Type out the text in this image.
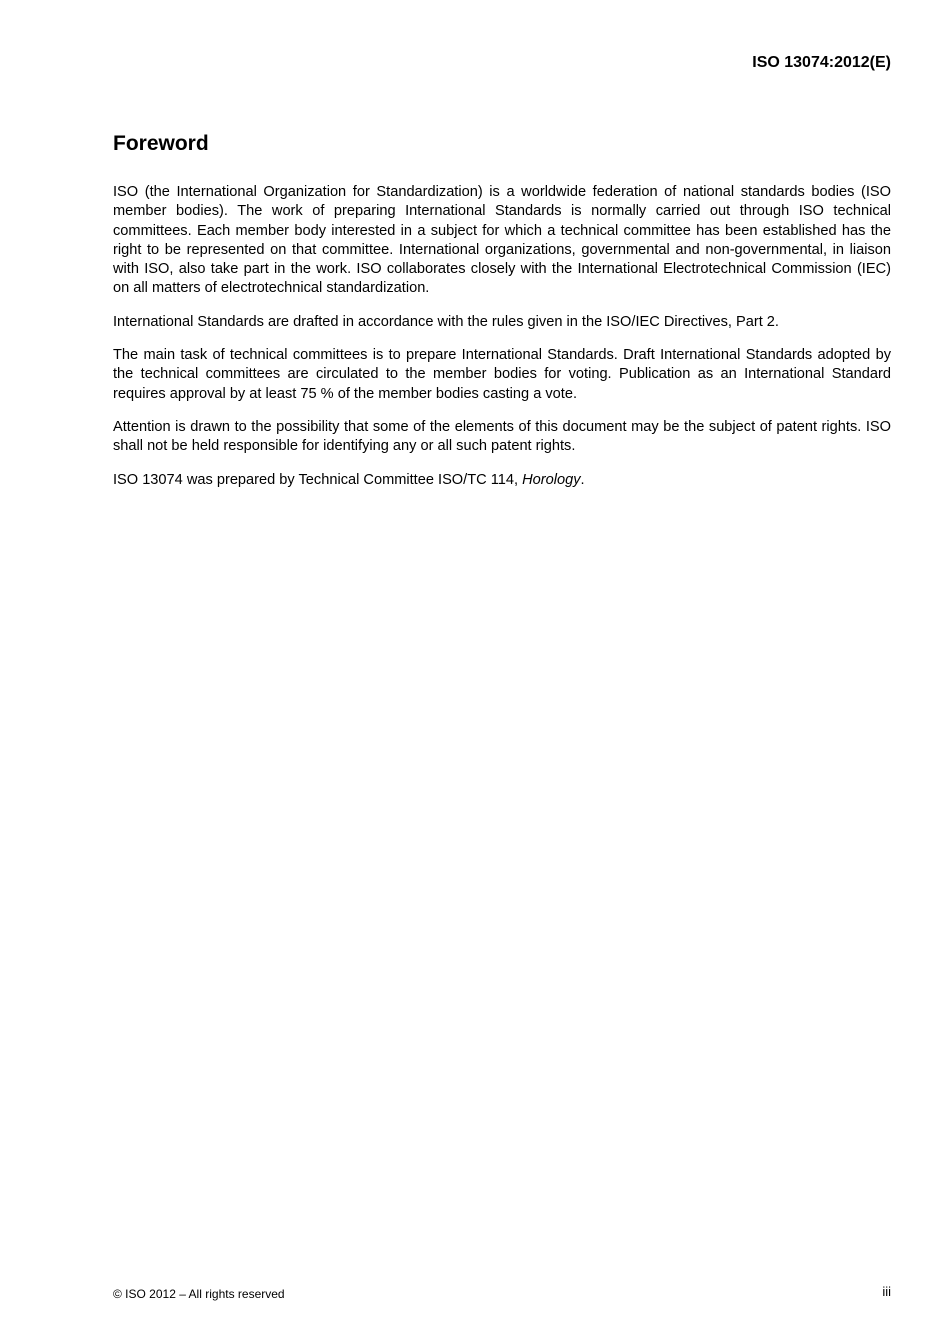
ISO 13074:2012(E)
Foreword

ISO (the International Organization for Standardization) is a worldwide federation of national standards bodies (ISO member bodies). The work of preparing International Standards is normally carried out through ISO technical committees. Each member body interested in a subject for which a technical committee has been established has the right to be represented on that committee. International organizations, governmental and non-governmental, in liaison with ISO, also take part in the work. ISO collaborates closely with the International Electrotechnical Commission (IEC) on all matters of electrotechnical standardization.

International Standards are drafted in accordance with the rules given in the ISO/IEC Directives, Part 2.

The main task of technical committees is to prepare International Standards. Draft International Standards adopted by the technical committees are circulated to the member bodies for voting. Publication as an International Standard requires approval by at least 75 % of the member bodies casting a vote.

Attention is drawn to the possibility that some of the elements of this document may be the subject of patent rights. ISO shall not be held responsible for identifying any or all such patent rights.

ISO 13074 was prepared by Technical Committee ISO/TC 114, Horology.

© ISO 2012 – All rights reserved	iii
